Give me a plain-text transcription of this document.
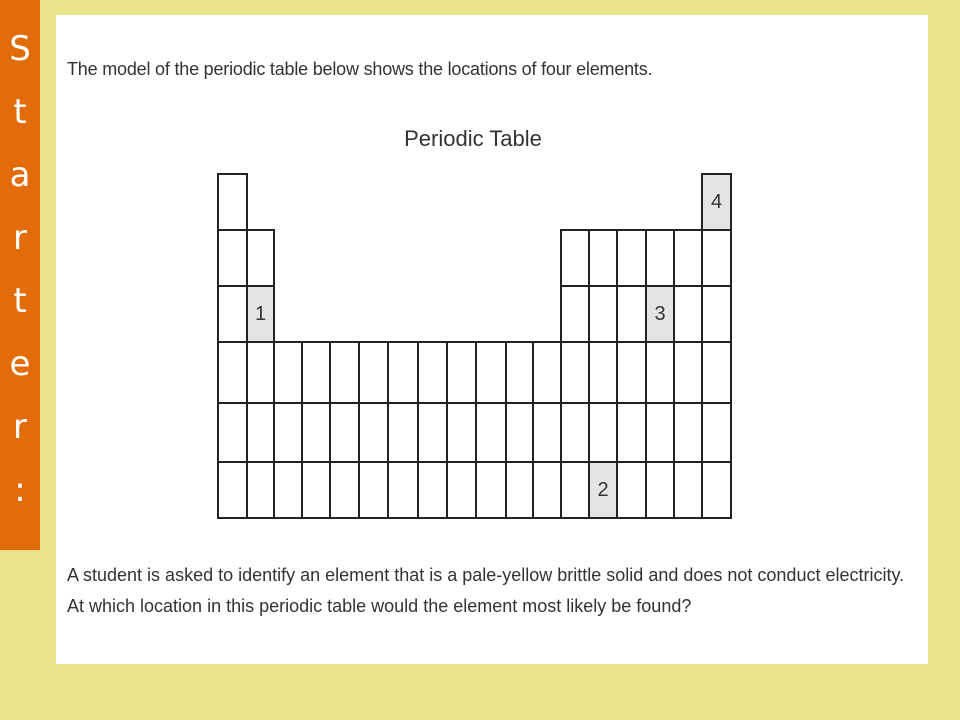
S
t
a
r
t
e
r
:

The model of the periodic table below shows the locations of four elements.

Periodic Table

4
1	3
2

A student is asked to identify an element that is a pale-yellow brittle solid and does not conduct electricity. At which location in this periodic table would the element most likely be found?
